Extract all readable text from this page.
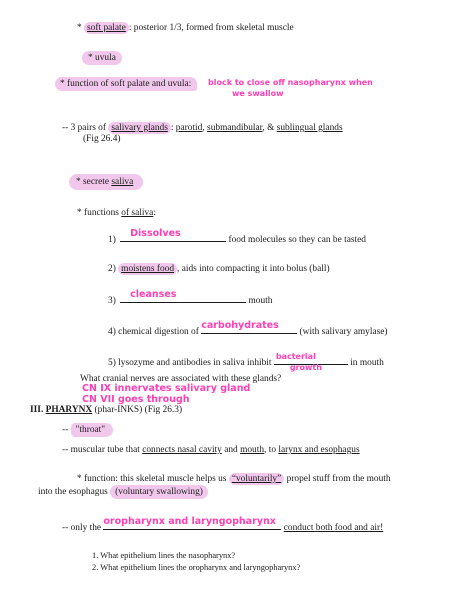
* soft palate : posterior 1/3, formed from skeletal muscle
* uvula
* function of soft palate and uvula:	block to close off nasopharynx when
we swallow
-- 3 pairs of salivary glands : parotid, submandibular, & sublingual glands
(Fig 26.4)
* secrete saliva
* functions of saliva:
1)
Dissolves
food molecules so they can be tasted
2) moistens food , aids into compacting it into bolus (ball)
3)
cleanses
mouth
4) chemical digestion of
carbohydrates
(with salivary amylase)
5) lysozyme and antibodies in saliva inhibit
bacterial
growth	in mouth
What cranial nerves are associated with these glands?
CN IX innervates salivary gland
CN VII goes through
III. PHARYNX (phar-INKS) (Fig 26.3)
-- "throat"
-- muscular tube that connects nasal cavity and mouth, to larynx and esophagus
* function: this skeletal muscle helps us “voluntarily” propel stuff from the mouth
into the esophagus (voluntary swallowing)
-- only the
oropharynx and laryngopharynx
conduct both food and air!
1. What epithelium lines the nasopharynx?
2. What epithelium lines the oropharynx and laryngopharynx?
